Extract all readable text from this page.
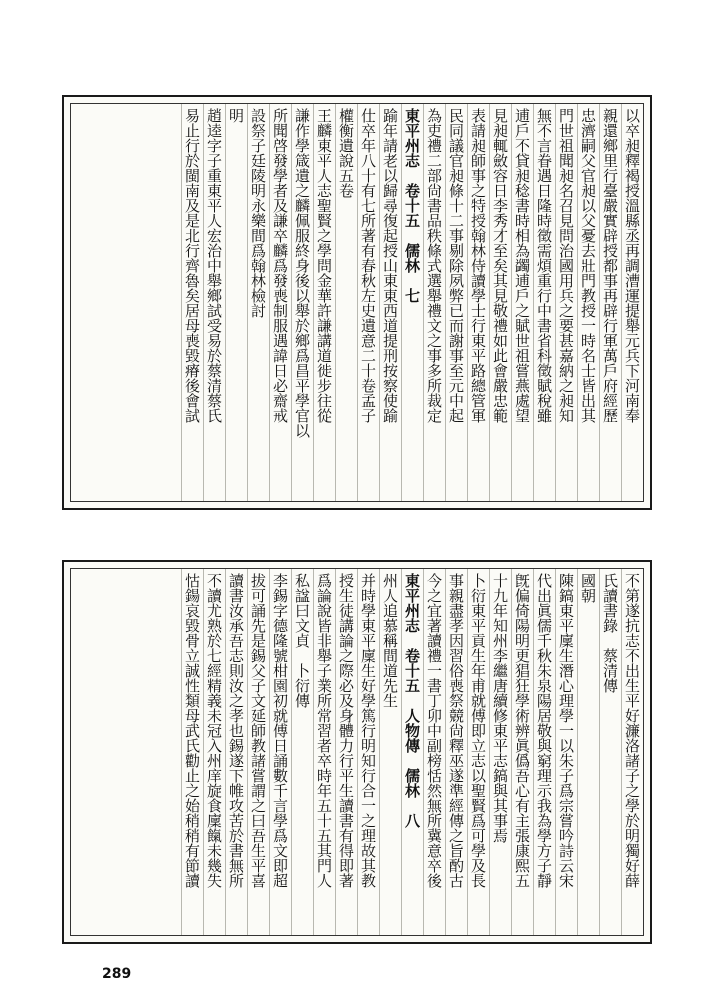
以卒昶釋褐授溫縣丞再調漕運提舉元兵下河南奉
親還鄉里行臺嚴實辟授都事再辟行軍萬戶府經歷
忠濟嗣父官昶以父憂去壯門教授一時名士皆出其
門世祖聞昶名召見問治國用兵之要甚嘉納之昶知
無不言眷遇日隆時徵需煩重行中書省科徵賦稅雖
逋戶不貸昶稔書時相為蠲逋戶之賦世祖嘗燕處望
見昶輒斂容日李秀才至矣其見敬禮如此會嚴忠範
表請昶師事之特授翰林侍讀學士行東平路總管軍
民同議官昶條十二事剔除夙弊已而謝事至元中起
為吏禮二部尙書品秩條式選舉禮文之事多所裁定
東平州志　卷十五　儒林　七
踰年請老以歸尋復起授山東東西道提刑按察使踰
仕卒年八十有七所著有春秋左史遺意二十卷孟子
權衡遺說五卷
王麟東平人志聖賢之學問金華許謙講道徙步往從
謙作學箴遺之麟佩服終身後以舉於鄉爲昌平學官以
所聞啓發學者及謙卒麟爲發喪制服遇諱日必齋戒
設祭子廷陵明永樂間爲翰林檢討
明
趙逵字子重東平人宏治中舉鄉試受易於蔡清蔡氏
易止行於閩南及是北行齊魯矣居母喪毀瘠後會試
不第遂抗志不出生平好濂洛諸子之學於明獨好薛
氏讀書錄　蔡清傳
國朝
陳鎬東平廩生潛心理學一以朱子爲宗嘗吟詩云宋
代出眞儒千秋朱泉陽居敬與窮理示我為學方子靜
旣偏倚陽明更猖狂學術辨眞僞吾心有主張康熙五
十九年知州李繼唐續修東平志鎬與其事焉
卜衍東平貢生年甫就傅即立志以聖賢爲可學及長
事親盡孝因習俗喪祭競尙釋巫遂準經傳之旨酌古
今之宜著讀禮一書丁卯中副榜恬然無所冀意卒後
東平州志　卷十五　人物傳　儒林　八
州人追慕稱間道先生
并時學東平廩生好學篤行明知行合一之理故其教
授生徒講論之際必及身體力行平生讀書有得即著
爲論說皆非舉子業所常習者卒時年五十五其門人
私諡曰文貞　卜衍傳
李錫字德隆號柑園初就傅日誦數千言學爲文即超
拔可誦先是錫父子文延師教諸嘗謂之曰吾生平喜
讀書汝承吾志則汝之孝也錫遂下帷攻苦於書無所
不讀尤熟於七經精義未冠入州庠旋食廩餼未幾失
怙鍚哀毀骨立誠性類母武氏勸止之始稍稍有節讀
289
